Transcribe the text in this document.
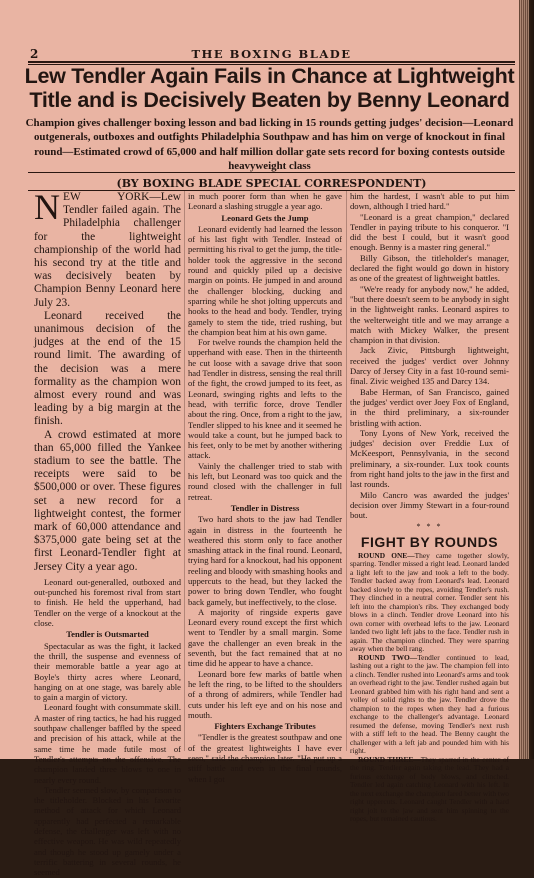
2	THE BOXING BLADE
Lew Tendler Again Fails in Chance at Lightweight Title and is Decisively Beaten by Benny Leonard
Champion gives challenger boxing lesson and bad licking in 15 rounds getting judges' decision—Leonard outgenerals, outboxes and outfights Philadelphia Southpaw and has him on verge of knockout in final round—Estimated crowd of 65,000 and half million dollar gate sets record for boxing contests outside heavyweight class
(BY BOXING BLADE SPECIAL CORRESPONDENT)

NEW YORK—Lew Tendler failed again. The Philadelphia challenger for the lightweight championship of the world had his second try at the title and was decisively beaten by Champion Benny Leonard here July 23.

Leonard received the unanimous decision of the judges at the end of the 15 round limit. The awarding of the decision was a mere formality as the champion won almost every round and was leading by a big margin at the finish.

A crowd estimated at more than 65,000 filled the Yankee stadium to see the battle. The receipts were said to be $500,000 or over. These figures set a new record for a lightweight contest, the former mark of 60,000 attendance and $375,000 gate being set at the first Leonard-Tendler fight at Jersey City a year ago.

Leonard out-generalled, outboxed and out-punched his foremost rival from start to finish. He held the upperhand, had Tendler on the verge of a knockout at the close.

Tendler is Outsmarted

Spectacular as was the fight, it lacked the thrill, the suspense and evenness of their memorable battle a year ago at Boyle's thirty acres where Leonard, hanging on at one stage, was barely able to gain a margin of victory.

Leonard fought with consummate skill. A master of ring tactics, he had his rugged southpaw challenger baffled by the speed and precision of his attack, while at the same time he made futile most of Tendler's attempts on the offensive. The champion landed three blows to one in nearly every round.

Tendler seemed slow, by comparison to the titleholder. Blocked in his favorite method of attack for which Leonard apparently had perfected a remarkable defense, the challenger was left with no effective weapon. He was wild repeatedly and though he stood up gamely under a terrific battering in several rounds, he seemed

in much poorer form than when he gave Leonard a slashing struggle a year ago.

Leonard Gets the Jump

Leonard evidently had learned the lesson of his last fight with Tendler. Instead of permitting his rival to get the jump, the title-holder took the aggressive in the second round and quickly piled up a decisive margin on points. He jumped in and around the challenger blocking, ducking and sparring while he shot jolting uppercuts and hooks to the head and body. Tendler, trying gamely to stem the tide, tried rushing, but the champion beat him at his own game.

For twelve rounds the champion held the upperhand with ease. Then in the thirteenth he cut loose with a savage drive that soon had Tendler in distress, sensing the real thrill of the fight, the crowd jumped to its feet, as Leonard, swinging rights and lefts to the head, with terrific force, drove Tendler about the ring. Once, from a right to the jaw, Tendler slipped to his knee and it seemed he would take a count, but he jumped back to his feet, only to be met by another withering attack.

Vainly the challenger tried to stab with his left, but Leonard was too quick and the round closed with the challenger in full retreat.

Tendler in Distress

Two hard shots to the jaw had Tendler again in distress in the fourteenth he weathered this storm only to face another smashing attack in the final round. Leonard, trying hard for a knockout, had his opponent reeling and bloody with smashing hooks and uppercuts to the head, but they lacked the power to bring down Tendler, who fought back gamely, but ineffectively, to the close.

A majority of ringside experts gave Leonard every round except the first which went to Tendler by a small margin. Some gave the challenger an even break in the seventh, but the fact remained that at no time did he appear to have a chance.

Leonard bore few marks of battle when he left the ring, to be lifted to the shoulders of a throng of admirers, while Tendler had cuts under his left eye and on his nose and mouth.

Fighters Exchange Tributes

"Tendler is the greatest southpaw and one of the greatest lightweights I have ever seen," said the champion later. "He put up a stiff battle and even in the final rounds, when I got

him the hardest, I wasn't able to put him down, although I tried hard."

"Leonard is a great champion," declared Tendler in paying tribute to his conqueror. "I did the best I could, but it wasn't good enough. Benny is a master ring general."

Billy Gibson, the titleholder's manager, declared the fight would go down in history as one of the greatest of lightweight battles.

"We're ready for anybody now," he added, "but there doesn't seem to be anybody in sight in the lightweight ranks. Leonard aspires to the welterweight title and we may arrange a match with Mickey Walker, the present champion in that division.

Jack Zivic, Pittsburgh lightweight, received the judges' verdict over Johnny Darcy of Jersey City in a fast 10-round semi-final. Zivic weighed 135 and Darcy 134.

Babe Herman, of San Francisco, gained the judges' verdict over Joey Fox of England, in the third preliminary, a six-rounder bristling with action.

Tony Lyons of New York, received the judges' decision over Freddie Lux of McKeesport, Pennsylvania, in the second preliminary, a six-rounder. Lux took counts from right hand jolts to the jaw in the first and last rounds.

Milo Cancro was awarded the judges' decision over Jimmy Stewart in a four-round bout.

* * *
FIGHT BY ROUNDS

ROUND ONE—They came together slowly, sparring. Tendler missed a right lead. Leonard landed a light left to the jaw and took a left to the body. Tendler backed away from Leonard's lead. Leonard backed slowly to the ropes, avoiding Tendler's rush. They clinched in a neutral corner. Tendler sent his left into the champion's ribs. They exchanged body blows in a clinch. Tendler drove Leonard into his own corner with overhead lefts to the jaw. Leonard landed two light left jabs to the face. Tendler rush in again. The champion clinched. They were sparring away when the bell rang.

ROUND TWO—Tendler continued to lead, lashing out a right to the jaw. The champion fell into a clinch. Tendler rushed into Leonard's arms and took an overhead right to the jaw. Tendler rushed again but Leonard grabbed him with his right hand and sent a volley of solid rights to the jaw. Tendler drove the champion to the ropes when they had a furious exchange to the challenger's advantage. Leonard resumed the defense, moving Tendler's next rush with a stiff left to the head. The Benny caught the challenger with a left jab and pounded him with his right.

ROUND THREE—They sparred in the center of the ring. Tendler again taking the lead. They had a furious exchange of body blows, and clinched. Tendler led again catching Leonard with his left. In the next exchange the champion fared better with two right uppercuts. Leonard caught Tendler with a hard right jolt to the jaw and sent him spinning to the ropes, but remained cautious.
